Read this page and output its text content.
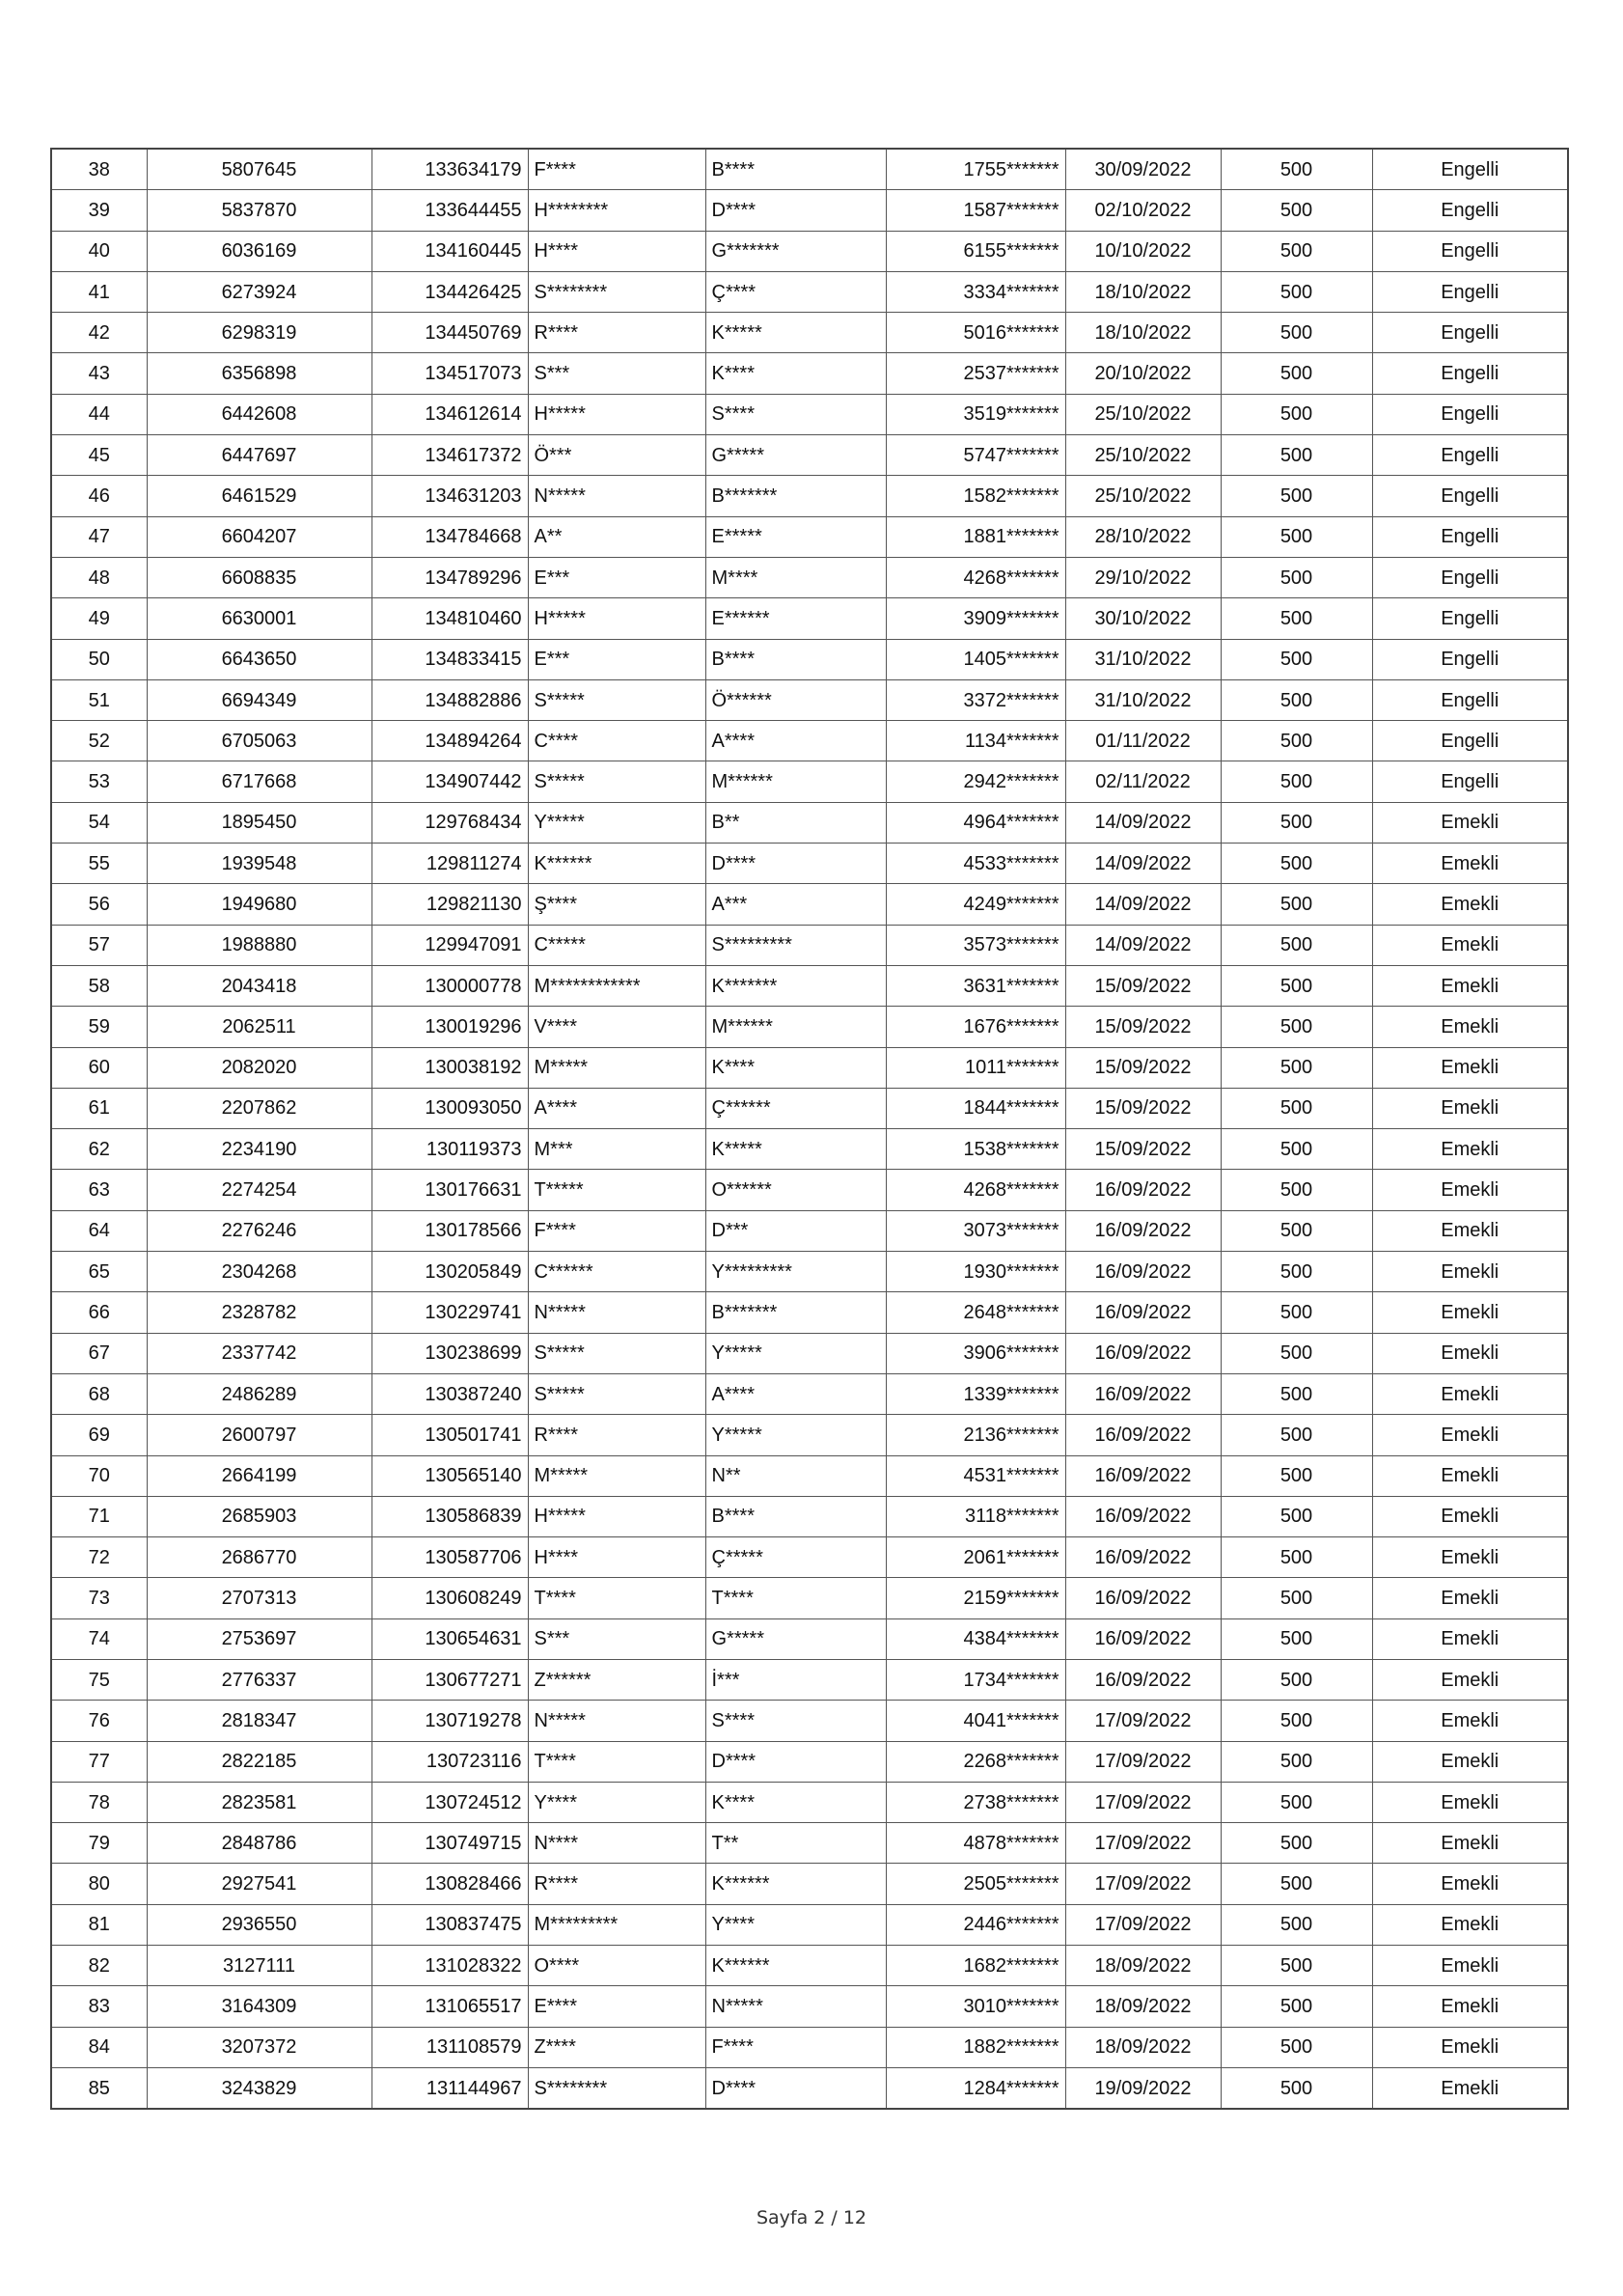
38	5807645	133634179	F****	B****	1755*******	30/09/2022	500	Engelli
39	5837870	133644455	H********	D****	1587*******	02/10/2022	500	Engelli
40	6036169	134160445	H****	G*******	6155*******	10/10/2022	500	Engelli
41	6273924	134426425	S********	Ç****	3334*******	18/10/2022	500	Engelli
42	6298319	134450769	R****	K*****	5016*******	18/10/2022	500	Engelli
43	6356898	134517073	S***	K****	2537*******	20/10/2022	500	Engelli
44	6442608	134612614	H*****	S****	3519*******	25/10/2022	500	Engelli
45	6447697	134617372	Ö***	G*****	5747*******	25/10/2022	500	Engelli
46	6461529	134631203	N*****	B*******	1582*******	25/10/2022	500	Engelli
47	6604207	134784668	A**	E*****	1881*******	28/10/2022	500	Engelli
48	6608835	134789296	E***	M****	4268*******	29/10/2022	500	Engelli
49	6630001	134810460	H*****	E******	3909*******	30/10/2022	500	Engelli
50	6643650	134833415	E***	B****	1405*******	31/10/2022	500	Engelli
51	6694349	134882886	S*****	Ö******	3372*******	31/10/2022	500	Engelli
52	6705063	134894264	C****	A****	1134*******	01/11/2022	500	Engelli
53	6717668	134907442	S*****	M******	2942*******	02/11/2022	500	Engelli
54	1895450	129768434	Y*****	B**	4964*******	14/09/2022	500	Emekli
55	1939548	129811274	K******	D****	4533*******	14/09/2022	500	Emekli
56	1949680	129821130	Ş****	A***	4249*******	14/09/2022	500	Emekli
57	1988880	129947091	C*****	S*********	3573*******	14/09/2022	500	Emekli
58	2043418	130000778	M************	K*******	3631*******	15/09/2022	500	Emekli
59	2062511	130019296	V****	M******	1676*******	15/09/2022	500	Emekli
60	2082020	130038192	M*****	K****	1011*******	15/09/2022	500	Emekli
61	2207862	130093050	A****	Ç******	1844*******	15/09/2022	500	Emekli
62	2234190	130119373	M***	K*****	1538*******	15/09/2022	500	Emekli
63	2274254	130176631	T*****	O******	4268*******	16/09/2022	500	Emekli
64	2276246	130178566	F****	D***	3073*******	16/09/2022	500	Emekli
65	2304268	130205849	C******	Y*********	1930*******	16/09/2022	500	Emekli
66	2328782	130229741	N*****	B*******	2648*******	16/09/2022	500	Emekli
67	2337742	130238699	S*****	Y*****	3906*******	16/09/2022	500	Emekli
68	2486289	130387240	S*****	A****	1339*******	16/09/2022	500	Emekli
69	2600797	130501741	R****	Y*****	2136*******	16/09/2022	500	Emekli
70	2664199	130565140	M*****	N**	4531*******	16/09/2022	500	Emekli
71	2685903	130586839	H*****	B****	3118*******	16/09/2022	500	Emekli
72	2686770	130587706	H****	Ç*****	2061*******	16/09/2022	500	Emekli
73	2707313	130608249	T****	T****	2159*******	16/09/2022	500	Emekli
74	2753697	130654631	S***	G*****	4384*******	16/09/2022	500	Emekli
75	2776337	130677271	Z******	İ***	1734*******	16/09/2022	500	Emekli
76	2818347	130719278	N*****	S****	4041*******	17/09/2022	500	Emekli
77	2822185	130723116	T****	D****	2268*******	17/09/2022	500	Emekli
78	2823581	130724512	Y****	K****	2738*******	17/09/2022	500	Emekli
79	2848786	130749715	N****	T**	4878*******	17/09/2022	500	Emekli
80	2927541	130828466	R****	K******	2505*******	17/09/2022	500	Emekli
81	2936550	130837475	M*********	Y****	2446*******	17/09/2022	500	Emekli
82	3127111	131028322	O****	K******	1682*******	18/09/2022	500	Emekli
83	3164309	131065517	E****	N*****	3010*******	18/09/2022	500	Emekli
84	3207372	131108579	Z****	F****	1882*******	18/09/2022	500	Emekli
85	3243829	131144967	S********	D****	1284*******	19/09/2022	500	Emekli
Sayfa 2 / 12
